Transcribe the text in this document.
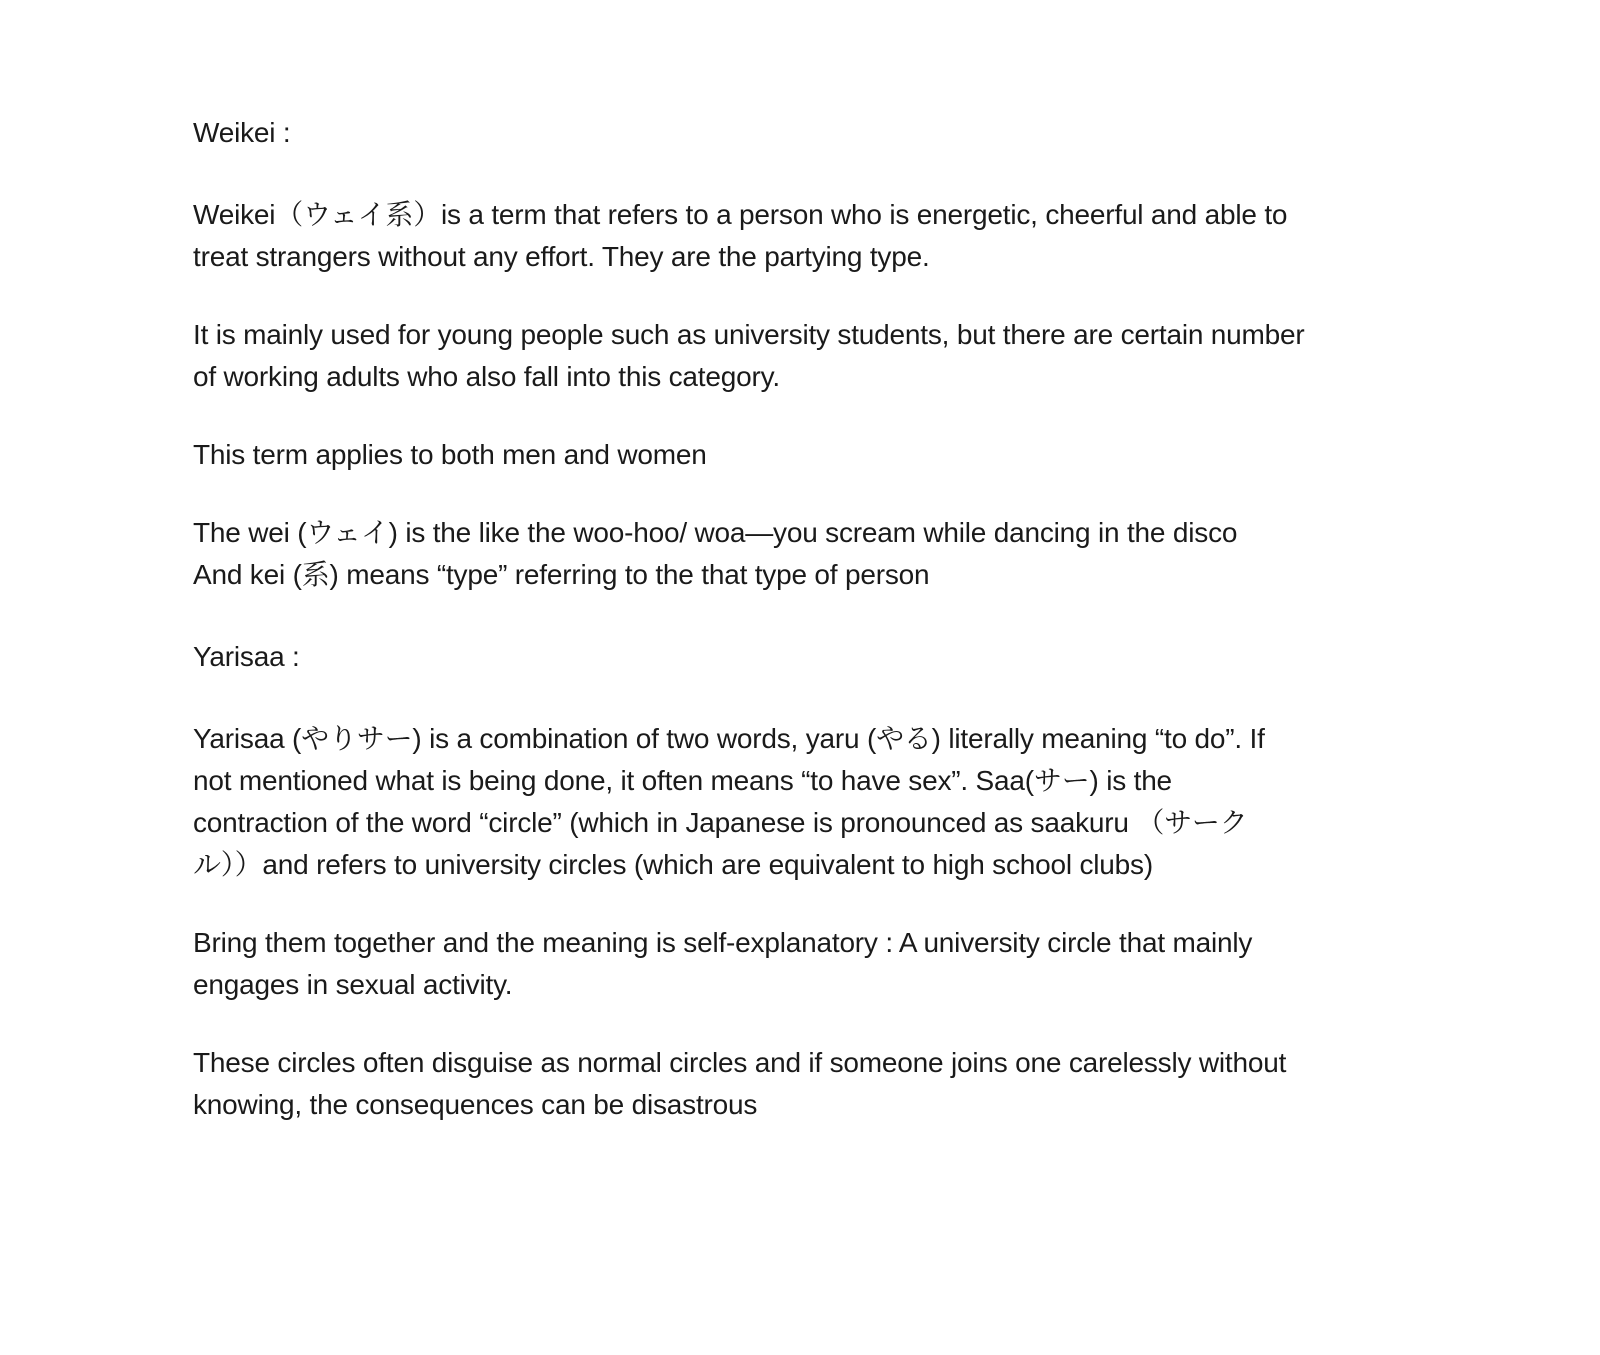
Weikei :

Weikei（ウェイ系）is a term that refers to a person who is energetic, cheerful and able to
treat strangers without any effort. They are the partying type.

It is mainly used for young people such as university students, but there are certain number
of working adults who also fall into this category.

This term applies to both men and women

The wei (ウェイ) is the like the woo-hoo/ woa—you scream while dancing in the disco
And kei (系) means “type” referring to the that type of person

Yarisaa :

Yarisaa (やりサー) is a combination of two words, yaru (やる) literally meaning “to do”. If
not mentioned what is being done, it often means “to have sex”. Saa(サー) is the
contraction of the word “circle” (which in Japanese is pronounced as saakuru （サーク
ル））and refers to university circles (which are equivalent to high school clubs)

Bring them together and the meaning is self-explanatory : A university circle that mainly
engages in sexual activity.

These circles often disguise as normal circles and if someone joins one carelessly without
knowing, the consequences can be disastrous
